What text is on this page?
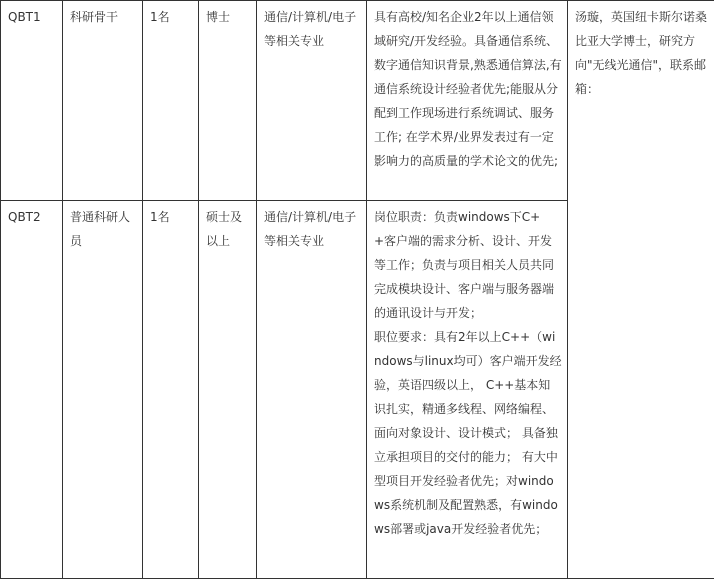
QBT1	科研骨干	1名	博士	通信/计算机/电子等相关专业	具有高校/知名企业2年以上通信领域研究/开发经验。具备通信系统、数字通信知识背景,熟悉通信算法,有通信系统设计经验者优先;能服从分配到工作现场进行系统调试、服务工作; 在学术界/业界发表过有一定影响力的高质量的学术论文的优先;	汤璇，英国纽卡斯尔诺桑比亚大学博士，研究方向"无线光通信"，联系邮箱：
QBT2	普通科研人员	1名	硕士及以上	通信/计算机/电子等相关专业	岗位职责：负责windows下C++客户端的需求分析、设计、开发等工作；负责与项目相关人员共同完成模块设计、客户端与服务器端的通讯设计与开发；
职位要求：具有2年以上C++（windows与linux均可）客户端开发经验，英语四级以上， C++基本知识扎实，精通多线程、网络编程、面向对象设计、设计模式； 具备独立承担项目的交付的能力； 有大中型项目开发经验者优先；对windows系统机制及配置熟悉，有windows部署或java开发经验者优先；	
